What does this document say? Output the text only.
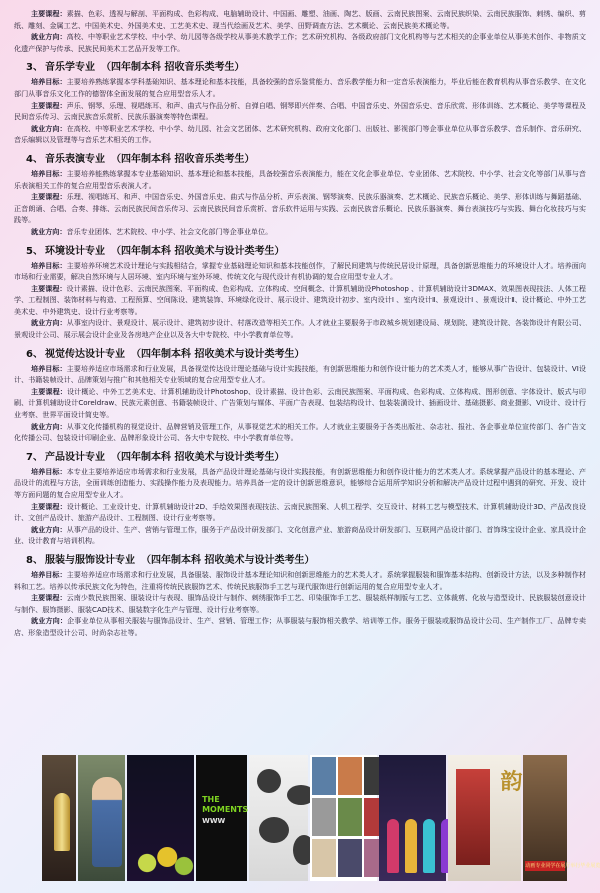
主要课程：素描、色彩、透视与解剖、平面构成、色彩构成、电脑辅助设计、中国画、雕塑、油画、陶艺、版画、云南民族图案、云南民族织染、云南民族服饰、刺绣、编织、剪纸、雕刻、金属工艺、中国美术史、外国美术史、工艺美术史、现当代绘画及艺术、美学、田野调查方法、艺术概论、云南民族美术概论等。

就业方向：高校、中等职业艺术学校、中小学、幼儿园等各级学校从事美术教学工作；艺术研究机构、各级政府部门文化机构等与艺术相关的企事业单位从事美术创作、非物质文化遗产保护与传承、民族民间美术工艺品开发等工作。

3、 音乐学专业 （四年制本科 招收音乐类考生）

培养目标：主要培养熟练掌握本学科基础知识、基本理论和基本技能，具备较强的音乐鉴赏能力、音乐教学能力和一定音乐表演能力，毕业后能在教育机构从事音乐教学、在文化部门从事音乐文化工作的德智体全面发展的复合应用型音乐人才。

主要课程：声乐、钢琴、乐理、视唱练耳、和声、曲式与作品分析、自弹自唱、钢琴即兴伴奏、合唱、中国音乐史、外国音乐史、音乐欣赏、形体训练、艺术概论、美学等课程及民间音乐传习、云南民族音乐赏析、民族乐器演奏等特色课程。

就业方向：在高校、中等职业艺术学校、中小学、幼儿园、社会文艺团体、艺术研究机构、政府文化部门、出版社、影视部门等企事业单位从事音乐教学、音乐制作、音乐研究、音乐编辑以及管理等与音乐艺术相关的工作。

4、 音乐表演专业 （四年制本科 招收音乐类考生）

培养目标：主要培养能熟练掌握本专业基础知识、基本理论和基本技能，具备较强音乐表演能力，能在文化企事业单位、专业团体、艺术院校、中小学、社会文化等部门从事与音乐表演相关工作的复合应用型音乐表演人才。

主要课程：乐理、视唱练耳、和声、中国音乐史、外国音乐史、曲式与作品分析、声乐表演、钢琴演奏、民族乐器演奏、艺术概论、民族音乐概论、美学、形体训练与舞蹈基础、正音朗诵、合唱、合奏、排练、云南民族民间音乐传习、云南民族民间音乐赏析、音乐软件运用与实践、云南民族音乐概论、民族乐器演奏、舞台表演技巧与实践、舞台化妆技巧与实践等。

就业方向：音乐专业团体、艺术院校、中小学、社会文化部门等企事业单位。

5、 环境设计专业 （四年制本科 招收美术与设计类考生）

培养目标：主要培养环境艺术设计理论与实践相结合，掌握专业基础理论知识和基本技能创作，了解民间建筑与传统民居设计原理，具备创新思维能力的环境设计人才。培养面向市场和行业需要，解决自然环境与人居环境、室内环境与室外环境、传统文化与现代设计有机协调的复合应用型专业人才。

主要课程：设计素描、设计色彩、云南民族图案、平面构成、色彩构成、立体构成、空间概念、计算机辅助设Photoshop 、计算机辅助设计3DMAX、效果图表现技法、人体工程学、工程制图、装饰材料与构造、工程预算、空间陈设、建筑装饰、环境绿化设计、展示设计、建筑设计初步、室内设计Ⅰ 、室内设计Ⅱ、景观设计Ⅰ 、景观设计Ⅱ、设计概论、中外工艺美术史、中外建筑史、设计行业考察等。

就业方向：从事室内设计、景观设计、展示设计、建筑初步设计、村落改造等相关工作。人才就业主要服务于市政城乡规划建设局、规划院、建筑设计院、各装饰设计有限公司、景观设计公司、展示展会设计企业及各房地产企业以及各大中专院校、中小学教育单位等。

6、 视觉传达设计专业 （四年制本科 招收美术与设计类考生）

培养目标：主要培养适应市场需求和行业发展，具备视觉传达设计理论基础与设计实践技能，有创新思维能力和创作设计能力的艺术类人才，能够从事广告设计、包装设计、VI设计、书籍装帧设计、品牌策划与推广和其他相关专业领域的复合应用型专业人才。

主要课程：设计概论、中外工艺美术史、计算机辅助设计Photoshop、设计素描、设计色彩、云南民族图案、平面构成、色彩构成、立体构成、图形创意、字体设计、版式与印刷、计算机辅助设计Coreldraw、民族元素创意、书籍装帧设计、广告策划与媒体、平面广告表现、包装结构设计、包装装潢设计、插画设计、基础摄影、商业摄影、VI设计、设计行业考察、世界平面设计简史等。

就业方向：从事文化传播机构的视觉设计、品牌营销及管理工作，从事视觉艺术的相关工作。人才就业主要服务于各类出版社、杂志社、报社、各企事业单位宣传部门、各广告文化传播公司、包装设计印刷企业、品牌形象设计公司、各大中专院校、中小学教育单位等。

7、 产品设计专业 （四年制本科 招收美术与设计类考生）

培养目标：本专业主要培养适应市场需求和行业发展，具备产品设计理论基础与设计实践技能，有创新思维能力和创作设计能力的艺术类人才。系统掌握产品设计的基本理论、产品设计的流程与方法，全面训练创造能力、实践操作能力及表现能力。培养具备一定的设计创新思维意识，能够综合运用所学知识分析和解决产品设计过程中遇到的研究、开发、设计等方面问题的复合应用型专业人才。

主要课程：设计概论、工业设计史、计算机辅助设计2D、手绘效果图表现技法、云南民族图案、人机工程学、交互设计、材料工艺与模型技术、计算机辅助设计3D、产品改良设计、文创产品设计、旅游产品设计、工程制图、设计行业考察等。

就业方向：从事产品的设计、生产、营销与管理工作，服务于产品设计研发部门、文化创意产业、旅游商品设计研发部门、互联网产品设计部门、首饰珠宝设计企业、家具设计企业、设计教育与培训机构。

8、 服装与服饰设计专业 （四年制本科 招收美术与设计类考生）

培养目标：主要培养适应市场需求和行业发展，具备服装、服饰设计基本理论知识和创新思维能力的艺术类人才。系统掌握服装和服饰基本结构、创新设计方法，以及多种制作材料和工艺。培养以传承民族文化为特色，注重将传统民族服饰艺术、传统民族服饰手工艺与现代服饰进行创新运用的复合应用型专业人才。

主要课程：云南少数民族图案、服装设计与表现、服饰品设计与制作、刺绣服饰手工艺、印染服饰手工艺、服装纸样制版与工艺、立体裁剪、化妆与造型设计、民族服装创意设计与制作、服饰摄影、服装CAD技术、服装数字化生产与管理、设计行业考察等。

就业方向：企事业单位从事相关服装与服饰品设计、生产、营销、管理工作；从事服装与服饰相关教学、培训等工作。服务于服装或服饰品设计公司、生产制作工厂、品牌专卖店、形象造型设计公司、时尚杂志社等。

THE MOMENTS
WWW
韵
动画专业同学在展厅举行毕业展览
